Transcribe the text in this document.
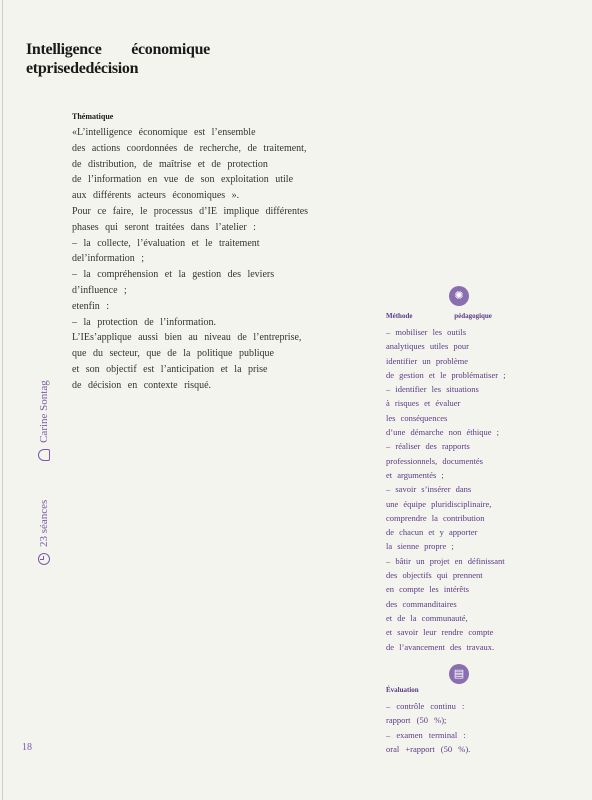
Intelligence économique
etprisededécision
Thématique
«L’intelligence économique est l’ensemble
des actions coordonnées de recherche, de traitement,
de distribution, de maîtrise et de protection
de l’information en vue de son exploitation utile
aux différents acteurs économiques ».
Pour ce faire, le processus d’IE implique différentes
phases qui seront traitées dans l’atelier :
– la collecte, l’évaluation et le traitement
del’information ;
– la compréhension et la gestion des leviers
d’influence ;
etenfin :
– la protection de l’information.
L’IEs’applique aussi bien au niveau de l’entreprise,
que du secteur, que de la politique publique
et son objectif est l’anticipation et la prise
de décision en contexte risqué.
✺
Méthode pédagogique
– mobiliser les outils
analytiques utiles pour
identifier un problème
de gestion et le problématiser ;
– identifier les situations
à risques et évaluer
les conséquences
d’une démarche non éthique ;
– réaliser des rapports
professionnels, documentés
et argumentés ;
– savoir s’insérer dans
une équipe pluridisciplinaire,
comprendre la contribution
de chacun et y apporter
la sienne propre ;
– bâtir un projet en définissant
des objectifs qui prennent
en compte les intérêts
des commanditaires
et de la communauté,
et savoir leur rendre compte
de l’avancement des travaux.
▤
Évaluation
– contrôle continu :
rapport (50 %);
– examen terminal :
oral +rapport (50 %).
23 séances Carine Sontag
18
